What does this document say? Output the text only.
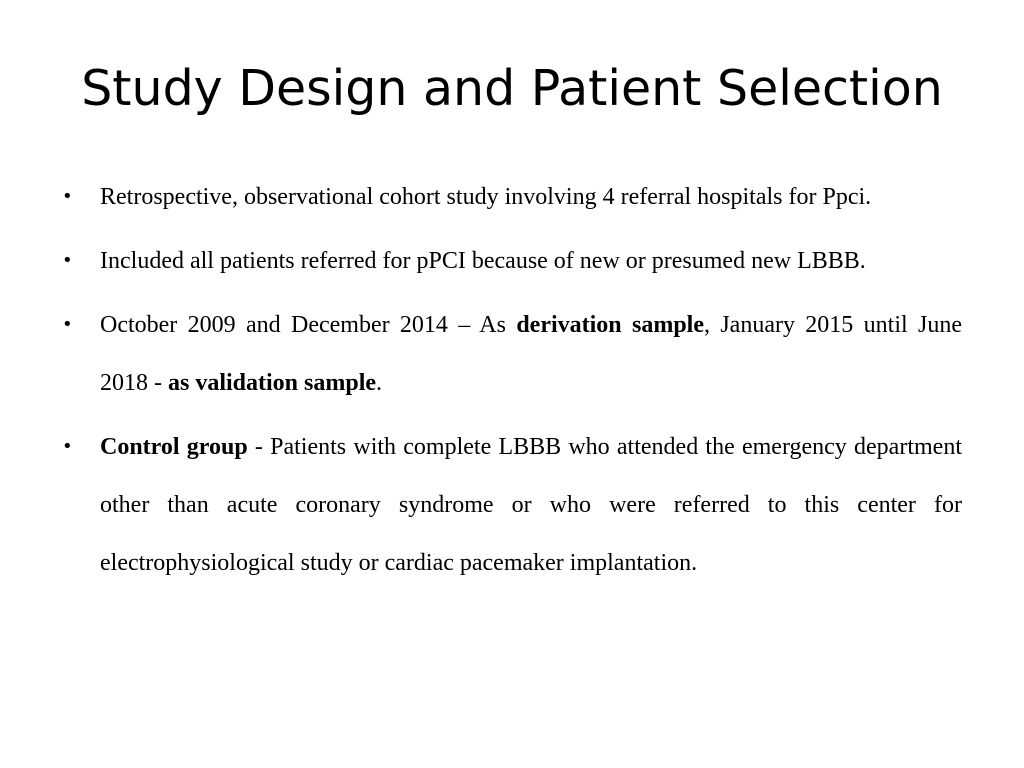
Study Design and Patient Selection
• Retrospective, observational cohort study involving 4 referral hospitals for Ppci.
• Included all patients referred for pPCI because of new or presumed new LBBB.
• October 2009 and December 2014 – As derivation sample, January 2015 until June 2018 - as validation sample.
• Control group - Patients with complete LBBB who attended the emergency department other than acute coronary syndrome or who were referred to this center for electrophysiological study or cardiac pacemaker implantation.
